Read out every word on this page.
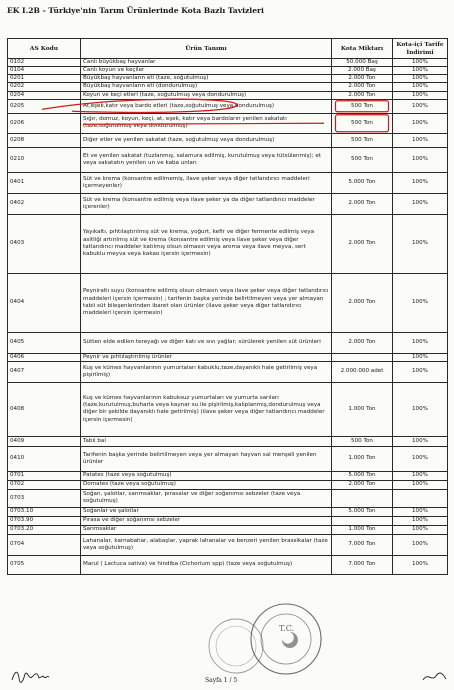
EK I.2B - Türkiye'nin Tarım Ürünlerinde Kota Bazlı Tavizleri
AS Kodu	Ürün Tanımı	Kota Miktarı	Kota-içi Tarife İndirimi
0102	Canlı büyükbaş hayvanlar	50.000 Baş	100%
0104	Canlı koyun ve keçiler	2.000 Baş	100%
0201	Büyükbaş hayvanların eti (taze, soğutulmuş)	2.000 Ton	100%
0202	Büyükbaş hayvanların eti (dondurulmuş)	2.000 Ton	100%
0204	Koyun ve keçi etleri (taze, soğutulmuş veya dondurulmuş)	2.000 Ton	100%
0205	At,eşek,katır veya bardo etleri (taze,soğutulmuş veya dondurulmuş)	500 Ton	100%
0206	Sığır, domuz, koyun, keçi, at, eşek, katır veya bardoların yenilen sakatatı (taze,soğutulmuş veya dondurulmuş)	500 Ton	100%
0208	Diğer etler ve yenilen sakatat (taze, soğutulmuş veya dondurulmuş)	500 Ton	100%
0210	Et ve yenilen sakatat (tuzlanmış, salamura edilmiş, kurutulmuş veya tütsülenmiş); et veya sakatatın yenilen un ve kaba unları	500 Ton	100%
0401	Süt ve krema (konsantre edilmemiş, ilave şeker veya diğer tatlandırıcı maddeleri içermeyenler)	5.000 Ton	100%
0402	Süt ve krema (konsantre edilmiş veya ilave şeker ya da diğer tatlandırıcı maddeler içerenler)	2.000 Ton	100%
0403	Yayıkaltı, pıhtılaştırılmış süt ve krema, yoğurt, kefir ve diğer fermente edilmiş veya asitliği artırılmış süt ve krema (konsantre edilmiş veya ilave şeker veya diğer tatlandırıcı maddeler katılmış olsun olmasın veya aroma veya ilave meyva, sert kabuklu meyva veya kakao içersin içermesin)	2.000 Ton	100%
0404	Peyniraltı suyu (konsantre edilmiş olsun olmasın veya ilave şeker veya diğer tatlandırıcı maddeleri içersin içermesin) ; tarifenin başka yerinde belirtilmeyen veya yer almayan tabii süt bileşenlerinden ibaret olan ürünler (ilave şeker veya diğer tatlandırıcı maddeleri içersin içermesin)	2.000 Ton	100%
0405	Sütten elde edilen tereyağı ve diğer katı ve sıvı yağlar; sürülerek yenilen süt ürünleri	2.000 Ton	100%
0406	Peynir ve pıhtılaştırılmış ürünler		100%
0407	Kuş ve kümes hayvanlarının yumurtaları kabuklu,taze,dayanıklı hale getirilmiş veya pişirilmiş)	2.000.000 adet	100%
0408	Kuş ve kümes hayvanlarının kabuksuz yumurtaları ve yumurta sarıları (taze,kurutulmuş,buharla veya kaynar su ile pişirilmiş,kalıplanmış,dondurulmuş veya diğer bir şekilde dayanıklı hale getirilmiş) (ilave şeker veya diğer tatlandırıcı maddeler içersin içermesin)	1.000 Ton	100%
0409	Tabii bal	500 Ton	100%
0410	Tarifenin başka yerinde belirtilmeyen veya yer almayan hayvan sal menşeli yenilen ürünler	1.000 Ton	100%
0701	Patates (taze veya soğutulmuş)	5.000 Ton	100%
0702	Domates (taze veya soğutulmuş)	2.000 Ton	100%
0703	Soğan, şalotlar, sarımsaklar, pırasalar ve diğer soğanımsı sebzeler (taze veya soğutulmuş)		
0703.10	Soğanlar ve şalotlar	5.000 Ton	100%
0703.90	Pırasa ve diğer soğanımsı sebzeler		100%
0703.20	Sarımsaklar	1.000 Ton	100%
0704	Lahanalar, karnabahar, alabaşlar, yaprak lahanalar ve benzeri yenilen brassikalar (taze veya soğutulmuş)	7.000 Ton	100%
0705	Marul ( Lactuca sativa) ve hindiba (Cichorium spp) (taze veya soğutulmuş)	7.000 Ton	100%
T.C.
Sayfa 1 / 5
